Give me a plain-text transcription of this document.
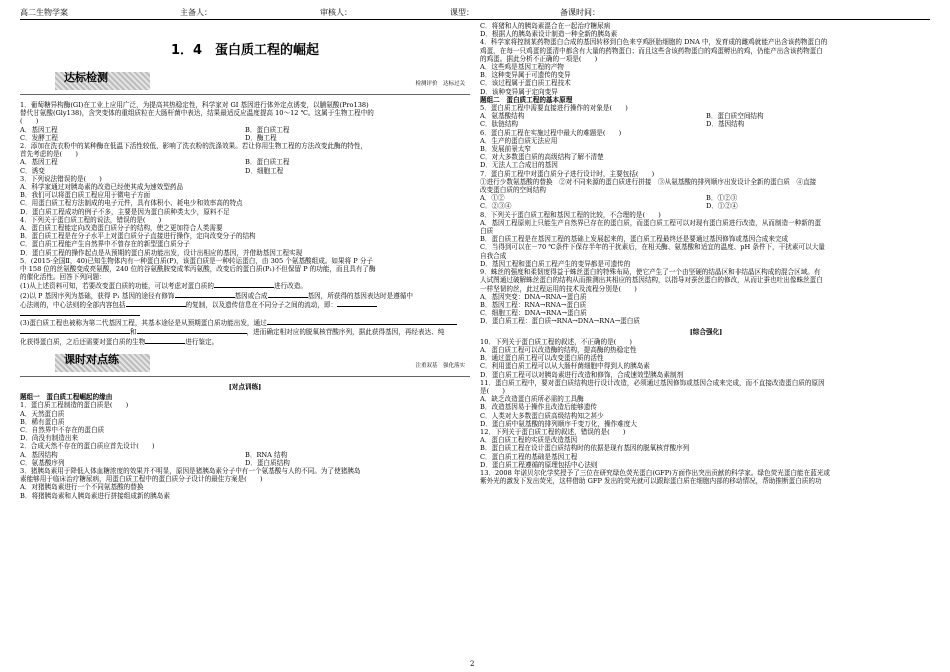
高二生物学案	主备人：	审核人：	课型：	备课时间：
1．4　蛋白质工程的崛起
达标检测	检测评价　达标过关
1．葡萄糖异构酶(GI)在工业上应用广泛，为提高其热稳定性，科学家对 GI 基因进行体外定点诱变，以脯氨酸(Pro138)
替代甘氨酸(Gly138)，含突变体的重组质粒在大肠杆菌中表达，结果最适反应温度提高 10～12 ℃。这属于生物工程中的
(　　)
A．基因工程	B．蛋白质工程
C．发酵工程	D．酶工程
2．添加在洗衣粉中的某种酶在低温下活性较低，影响了洗衣粉的洗涤效果。若让你用生物工程的方法改变此酶的特性，
首先考虑的是(　　)
A．基因工程	B．蛋白质工程
C．诱变	D．细胞工程
3．下列说法错误的是(　　)
A．科学家通过对胰岛素的改造已经使其成为速效型药品
B．我们可以将蛋白质工程应用于微电子方面
C．用蛋白质工程方法制成的电子元件，具有体积小、耗电少和效率高的特点
D．蛋白质工程成功的例子不多，主要是因为蛋白质种类太少，原料不足
4．下列关于蛋白质工程的说法，错误的是(　　)
A．蛋白质工程能定向改造蛋白质分子的结构，使之更加符合人类需要
B．蛋白质工程是在分子水平上对蛋白质分子直接进行操作，定向改变分子的结构
C．蛋白质工程能产生自然界中不曾存在的新型蛋白质分子
D．蛋白质工程的操作起点是从预期的蛋白质功能出发，设计出相应的基因，并借助基因工程实现
5．(2015·全国Ⅱ，40)已知生物体内有一种蛋白质(P)，该蛋白质是一种转运蛋白，由 305 个氨基酸组成。如果将 P 分子
中 158 位的丝氨酸变成亮氨酸，240 位的谷氨酰胺变成苯丙氨酸，改变后的蛋白质(P₁)不但保留 P 的功能，而且具有了酶
的催化活性。回答下列问题：
(1)从上述资料可知，若要改变蛋白质的功能，可以考虑对蛋白质的	进行改造。
(2)以 P 基因序列为基础，获得 P₁ 基因的途径有修饰	基因或合成	基因，所获得的基因表达时是遵循中
心法则的，中心法则的全部内容包括	的复制，以及遗传信息在不同分子之间的流动，即：
(3)蛋白质工程也被称为第二代基因工程，其基本途径是从预期蛋白质功能出发，通过
和	，进而确定相对应的脱氧核苷酸序列，据此获得基因，再经表达、纯
化获得蛋白质，之后还需要对蛋白质的生物	进行鉴定。
课时对点练	注重双基　强化落实
[对点训练]
题组一　蛋白质工程崛起的缘由
1．蛋白质工程制造的蛋白质是(　　)
A．天然蛋白质
B．稀有蛋白质
C．自然界中不存在的蛋白质
D．尚没有制造出来
2．合成天然不存在的蛋白质应首先设计(　　)
A．基因结构	B．RNA 结构
C．氨基酸序列	D．蛋白质结构
3．猪胰岛素用于降低人体血糖浓度的效果并不明显，原因是猪胰岛素分子中有一个氨基酸与人的不同。为了使猪胰岛
素能够用于临床治疗糖尿病，用蛋白质工程中的蛋白质分子设计的最佳方案是(　　)
A．对猪胰岛素进行一个不同氨基酸的替换
B．将猪胰岛素和人胰岛素进行拼接组成新的胰岛素
C．将猪和人的胰岛素混合在一起治疗糖尿病
D．根据人的胰岛素设计制造一种全新的胰岛素
4．科学家将控制某药物蛋白合成的基因转移到白色来亨鸡胚胎细胞的 DNA 中，发育成的雌鸡就能产出含该药物蛋白的
鸡蛋，在每一只鸡蛋的蛋清中都含有大量的药物蛋白；而且这些含该药物蛋白的鸡蛋孵出的鸡，仍能产出含该药物蛋白
的鸡蛋。据此分析不正确的一项是(　　)
A．这些鸡是基因工程的产物
B．这种变异属于可遗传的变异
C．该过程属于蛋白质工程技术
D．该种变异属于定向变异
题组二　蛋白质工程的基本原理
5．蛋白质工程中需要直接进行操作的对象是(　　)
A．氨基酸结构	B．蛋白质空间结构
C．肽链结构	D．基因结构
6．蛋白质工程在实施过程中最大的难题是(　　)
A．生产的蛋白质无法应用
B．发展前景太窄
C．对大多数蛋白质的高级结构了解不清楚
D．无法人工合成目的基因
7．蛋白质工程中对蛋白质分子进行设计时，主要包括(　　)
①进行少数氨基酸的替换　②对不同来源的蛋白质进行拼接　③从氨基酸的排列顺序出发设计全新的蛋白质　④直接
改变蛋白质的空间结构
A．①②	B．①②③
C．②③④	D．①②④
8．下列关于蛋白质工程和基因工程的比较，不合理的是(　　)
A．基因工程原则上只能生产自然界已存在的蛋白质，而蛋白质工程可以对现有蛋白质进行改造，从而制造一种新的蛋
白质
B．蛋白质工程是在基因工程的基础上发展起来的，蛋白质工程最终还是要通过基因修饰或基因合成来完成
C．当得到可以在－70 ℃条件下保存半年的干扰素后，在相关酶、氨基酸和适宜的温度、pH 条件下，干扰素可以大量
自我合成
D．基因工程和蛋白质工程产生的变异都是可遗传的
9．蛛丝的强度和柔韧度得益于蛛丝蛋白的特殊布局，使它产生了一个由坚硬的结晶区和非结晶区构成的混合区域。有
人试图通过破解蛛丝蛋白的结构从而推测出其相应的基因结构，以指导对蚕丝蛋白的修改，从而让蚕也吐出像蛛丝蛋白
一样坚韧的丝，此过程运用的技术及流程分别是(　　)
A．基因突变：DNA→RNA→蛋白质
B．基因工程：RNA→RNA→蛋白质
C．细胞工程：DNA→RNA→蛋白质
D．蛋白质工程：蛋白质→RNA→DNA→RNA→蛋白质
[综合强化]
10．下列关于蛋白质工程的叙述，不正确的是(　　)
A．蛋白质工程可以改造酶的结构，提高酶的热稳定性
B．通过蛋白质工程可以改变蛋白质的活性
C．利用蛋白质工程可以从大肠杆菌细胞中得到人的胰岛素
D．蛋白质工程可以对胰岛素进行改造和修饰，合成速效型胰岛素制剂
11．蛋白质工程中，要对蛋白质结构进行设计改造，必须通过基因修饰或基因合成来完成，而不直接改造蛋白质的原因
是(　　)
A．缺乏改造蛋白质所必需的工具酶
B．改造基因易于操作且改造后能够遗传
C．人类对大多数蛋白质高级结构知之甚少
D．蛋白质中氨基酸的排列顺序千变万化，操作难度大
12．下列关于蛋白质工程的叙述，错误的是(　　)
A．蛋白质工程的实质是改造基因
B．蛋白质工程在设计蛋白质结构时的依据是现有基因的脱氧核苷酸序列
C．蛋白质工程的基础是基因工程
D．蛋白质工程遵循的原理包括中心法则
13．2008 年诺贝尔化学奖授予了三位在研究绿色荧光蛋白(GFP)方面作出突出贡献的科学家。绿色荧光蛋白能在蓝光或
紫外光的激发下发出荧光，这样借助 GFP 发出的荧光就可以跟踪蛋白质在细胞内部的移动情况，帮助推断蛋白质的功
2
